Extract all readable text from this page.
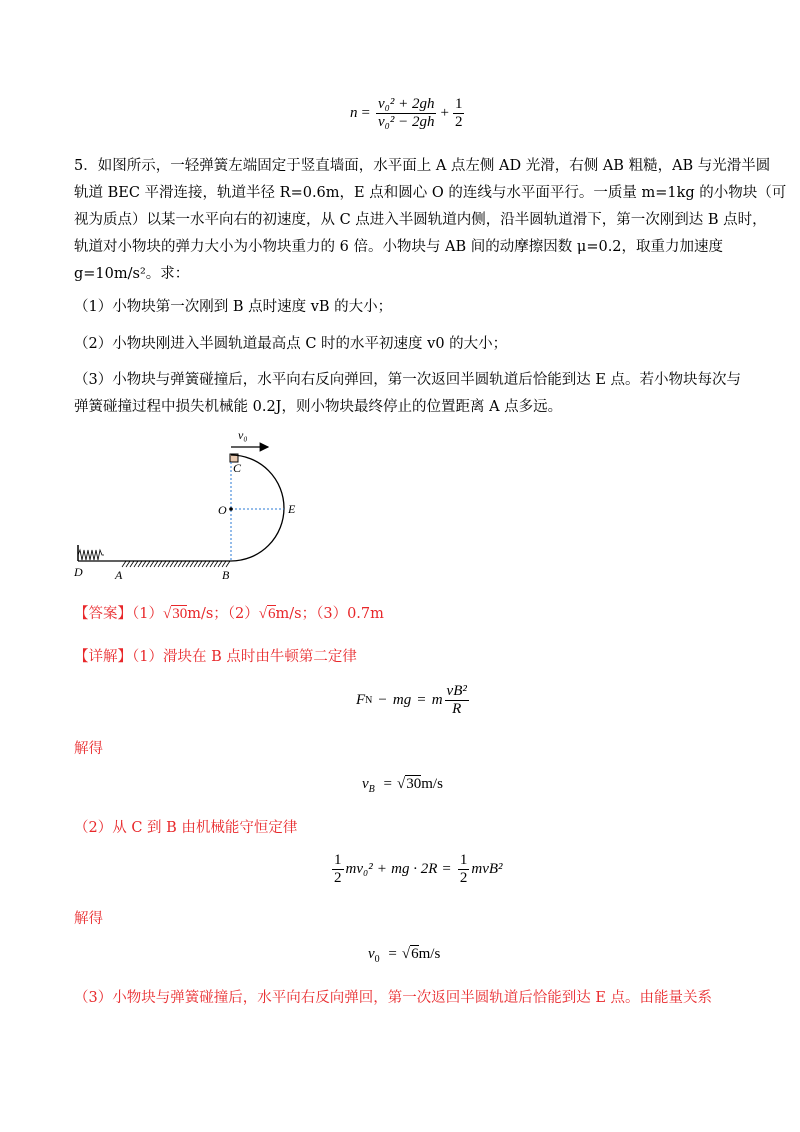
$n = \frac{\text{v₀² + 2gh}}{\text{v₀² − 2gh}} + \frac{1}{2}$
5．如图所示，一轻弹簧左端固定于竖直墙面，水平面上 A 点左侧 AD 光滑，右侧 AB 粗糙，AB 与光滑半圆
轨道 BEC 平滑连接，轨道半径 R=0.6m，E 点和圆心 O 的连线与水平面平行。一质量 m=1kg 的小物块（可
视为质点）以某一水平向右的初速度，从 C 点进入半圆轨道内侧，沿半圆轨道滑下，第一次刚到达 B 点时，
轨道对小物块的弹力大小为小物块重力的 6 倍。小物块与 AB 间的动摩擦因数 μ=0.2，取重力加速度
g=10m/s²。求：
（1）小物块第一次刚到 B 点时速度 vB 的大小；
（2）小物块刚进入半圆轨道最高点 C 时的水平初速度 v0 的大小；
（3）小物块与弹簧碰撞后，水平向右反向弹回，第一次返回半圆轨道后恰能到达 E 点。若小物块每次与
弹簧碰撞过程中损失机械能 0.2J，则小物块最终停止的位置距离 A 点多远。
v₀
C
O	E
D	A	B
【答案】（1）√30m/s；（2）√6m/s；（3）0.7m
【详解】（1）滑块在 B 点时由牛顿第二定律
F N − mg = m $\frac{\text{vB²}}{R}$
解得
$v_B = √30m/s$
（2）从 C 到 B 由机械能守恒定律
$\frac{1}{2} mv_0^2$ + mg · $2R = \frac{1}{2} mvB^2$
解得
$v_0 = √6m/s$
（3）小物块与弹簧碰撞后，水平向右反向弹回，第一次返回半圆轨道后恰能到达 E 点。由能量关系
